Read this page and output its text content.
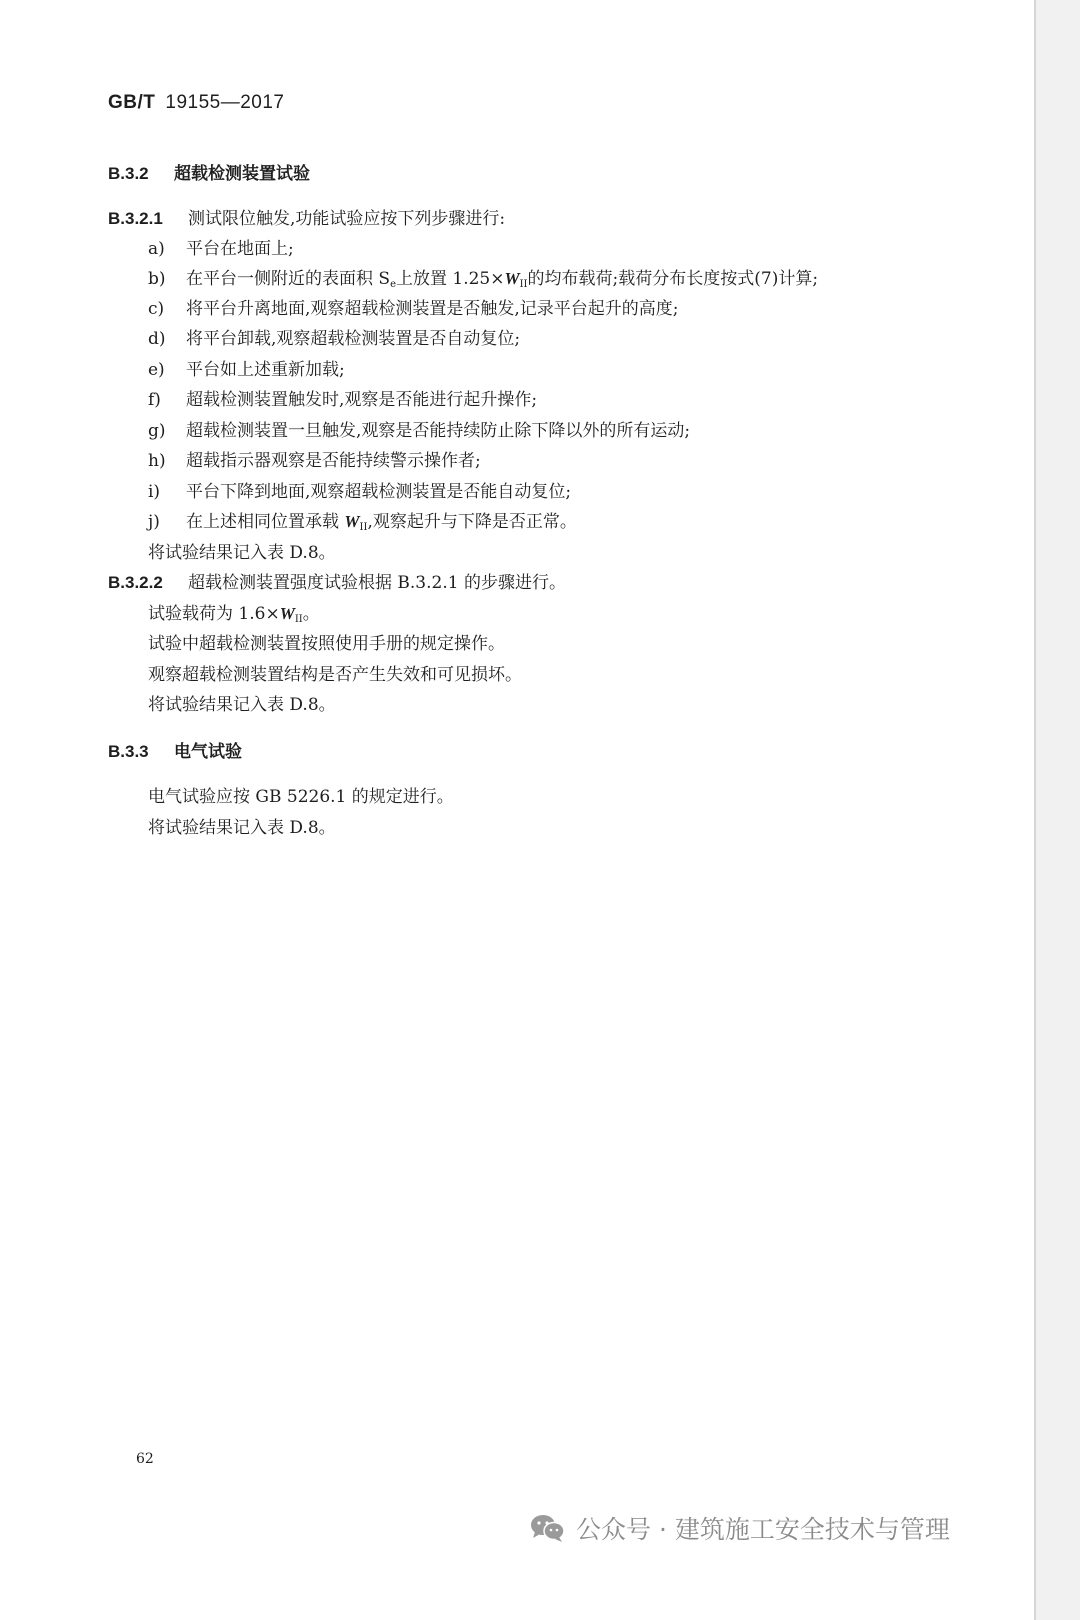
GB/T 19155—2017
B.3.2 超载检测装置试验
B.3.2.1 测试限位触发,功能试验应按下列步骤进行:
a) 平台在地面上;
b) 在平台一侧附近的表面积 $S_e$上放置 $1.25\times W_{II}$的均布载荷;载荷分布长度按式(7)计算;
c) 将平台升离地面,观察超载检测装置是否触发,记录平台起升的高度;
d) 将平台卸载,观察超载检测装置是否自动复位;
e) 平台如上述重新加载;
f) 超载检测装置触发时,观察是否能进行起升操作;
g) 超载检测装置一旦触发,观察是否能持续防止除下降以外的所有运动;
h) 超载指示器观察是否能持续警示操作者;
i) 平台下降到地面,观察超载检测装置是否能自动复位;
j) 在上述相同位置承载 $W_{II}$,观察起升与下降是否正常。
将试验结果记入表 D.8。
B.3.2.2 超载检测装置强度试验根据 B.3.2.1 的步骤进行。
试验载荷为 $1.6\times W_{II}$。
试验中超载检测装置按照使用手册的规定操作。
观察超载检测装置结构是否产生失效和可见损坏。
将试验结果记入表 D.8。
B.3.3 电气试验
电气试验应按 GB 5226.1 的规定进行。
将试验结果记入表 D.8。
62
公众号 · 建筑施工安全技术与管理
